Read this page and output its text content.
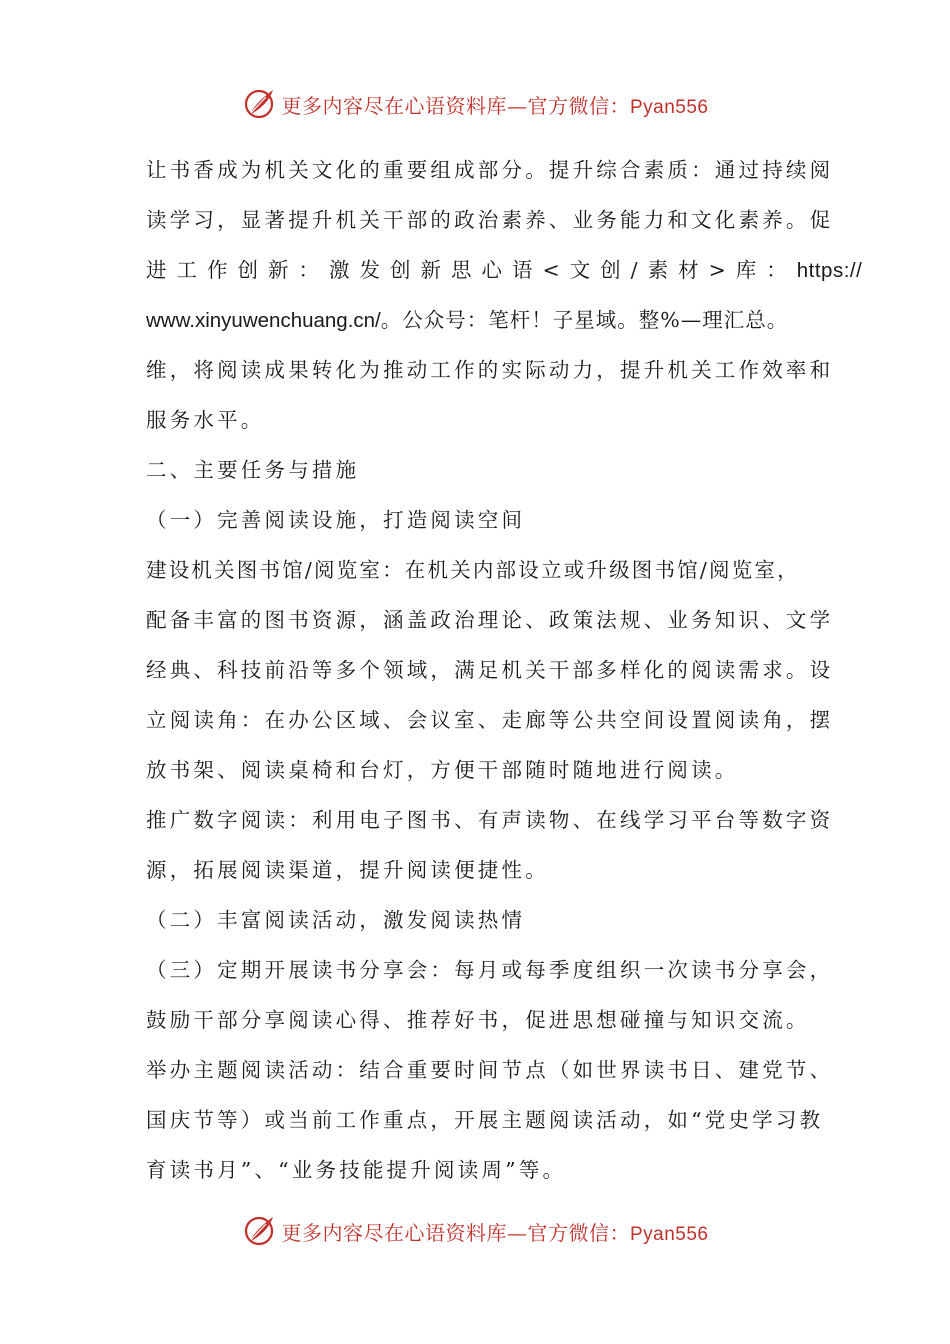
更多内容尽在心语资料库—官方微信：Pyan556
让书香成为机关文化的重要组成部分。提升综合素质：通过持续阅
读学习，显著提升机关干部的政治素养、业务能力和文化素养。促
进工作创新：激发创新思心语<文创/素材>库：https://
www.xinyuwenchuang.cn/。公众号：笔杆！子星域。整%—理汇总。
维，将阅读成果转化为推动工作的实际动力，提升机关工作效率和
服务水平。
二、主要任务与措施
（一）完善阅读设施，打造阅读空间
建设机关图书馆/阅览室：在机关内部设立或升级图书馆/阅览室，
配备丰富的图书资源，涵盖政治理论、政策法规、业务知识、文学
经典、科技前沿等多个领域，满足机关干部多样化的阅读需求。设
立阅读角：在办公区域、会议室、走廊等公共空间设置阅读角，摆
放书架、阅读桌椅和台灯，方便干部随时随地进行阅读。
推广数字阅读：利用电子图书、有声读物、在线学习平台等数字资
源，拓展阅读渠道，提升阅读便捷性。
（二）丰富阅读活动，激发阅读热情
（三）定期开展读书分享会：每月或每季度组织一次读书分享会，
鼓励干部分享阅读心得、推荐好书，促进思想碰撞与知识交流。
举办主题阅读活动：结合重要时间节点（如世界读书日、建党节、
国庆节等）或当前工作重点，开展主题阅读活动，如“党史学习教
育读书月”、“业务技能提升阅读周”等。
更多内容尽在心语资料库—官方微信：Pyan556
